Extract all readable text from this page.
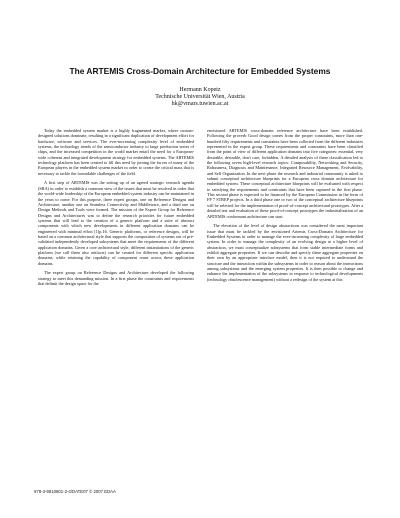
The ARTEMIS Cross-Domain Architecture for Embedded Systems
Hermann Kopetz
Technische Universität Wien, Austria
hk@vmars.tuwien.ac.at

Today the embedded system market is a highly fragmented market, where custom-designed solutions dominate, resulting in a significant duplication of development effort for hardware, software and services. The ever-increasing complexity level of embedded systems, the technology trends of the semiconductor industry to large production series of chips, and the increased competition in the world market entail the need for a European-wide coherent and integrated development strategy for embedded systems. The ARTEMIS technology platform has been created to fill this need by joining the forces of many of the European players in the embedded system market in order to create the critical mass that is necessary to tackle the formidable challenges of the field.

A first step of ARTEMIS was the setting up of an agreed strategic research agenda (SRA) in order to establish a common view of the issues that must be resolved in order that the world-wide leadership of the European embedded system industry can be maintained in the years to come. For this purpose, three expert groups, one on Reference Designs and Architecture, another one on Seamless Connectivity and Middleware, and a third one on Design Methods and Tools were formed. The mission of the Expert Group for Reference Designs and Architectures was to define the research priorities for future embedded systems that will lead to the creation of a generic platform and a suite of abstract components with which new developments in different application domains can be engineered with minimal effort [1]p.16. Generic platforms, or reference designs, will be based on a common architectural style that supports the composition of systems out of pre-validated independently developed subsystems that meet the requirements of the different application domains. Given a core architectural style, different instantiations of the generic platform (we call them also artifacts) can be created for different specific application domains, while retaining the capability of component reuse across these application domains.

The expert group on Reference Designs and Architecture developed the following strategy to meet this demanding mission. In a first phase the constraints and requirements that delimit the design space for the

envisioned ARTEMIS cross-domain reference architecture have been established. Following the proverb Good design comes from the proper constraints, more than one-hundred fifty requirements and constraints have been collected from the different industries represented in the expert group. These requirements and constraints have been classified from the point of view of different application domains into five categories: essential, very desirable, desirable, don't care, forbidden. A detailed analysis of these classification led to the following seven high-level research topics: Composability, Networking and Security, Robustness, Diagnosis and Maintenance, Integrated Resource Management, Evolvability, and Self Organization. In the next phase the research and industrial community is asked to submit conceptual architecture blueprints for a European cross domain architecture for embedded system. These conceptual architecture blueprints will be evaluated with respect to satisfying the requirements and constraints that have been captured in the first phase. This second phase is expected to be financed by the European Commission in the form of FP 7 STREP projects. In a third phase one or two of the conceptual architecture blueprints will be selected for the implementation of proof-of-concept architectural prototypes. After a detailed test and evaluation of these proof-of-concept prototypes the industrialization of an ARTEMIS conformant architecture can start.

The elevation of the level of design abstractions was considered the most important issue that must be tackled by the envisioned Artemis Cross-Domain Architecture for Embedded Systems in order to manage the ever-increasing complexity of large embedded system. In order to manage the complexity of an evolving design at a higher level of abstraction, we must conceptualize subsystems that form stable intermediate forms and exhibit aggregate properties. If we can describe and specify these aggregate properties on their own by an appropriate interface model, then it is not required to understand the structure and the interaction within the subsystems in order to reason about the interactions among subsystems and the emerging system properties. It is then possible to change and enhance the implementation of the subsystems in response to technological developments (technology obsolescence management) without a redesign of the system at this

978-3-9810801-2-4/DATE07 © 2007 EDAA
